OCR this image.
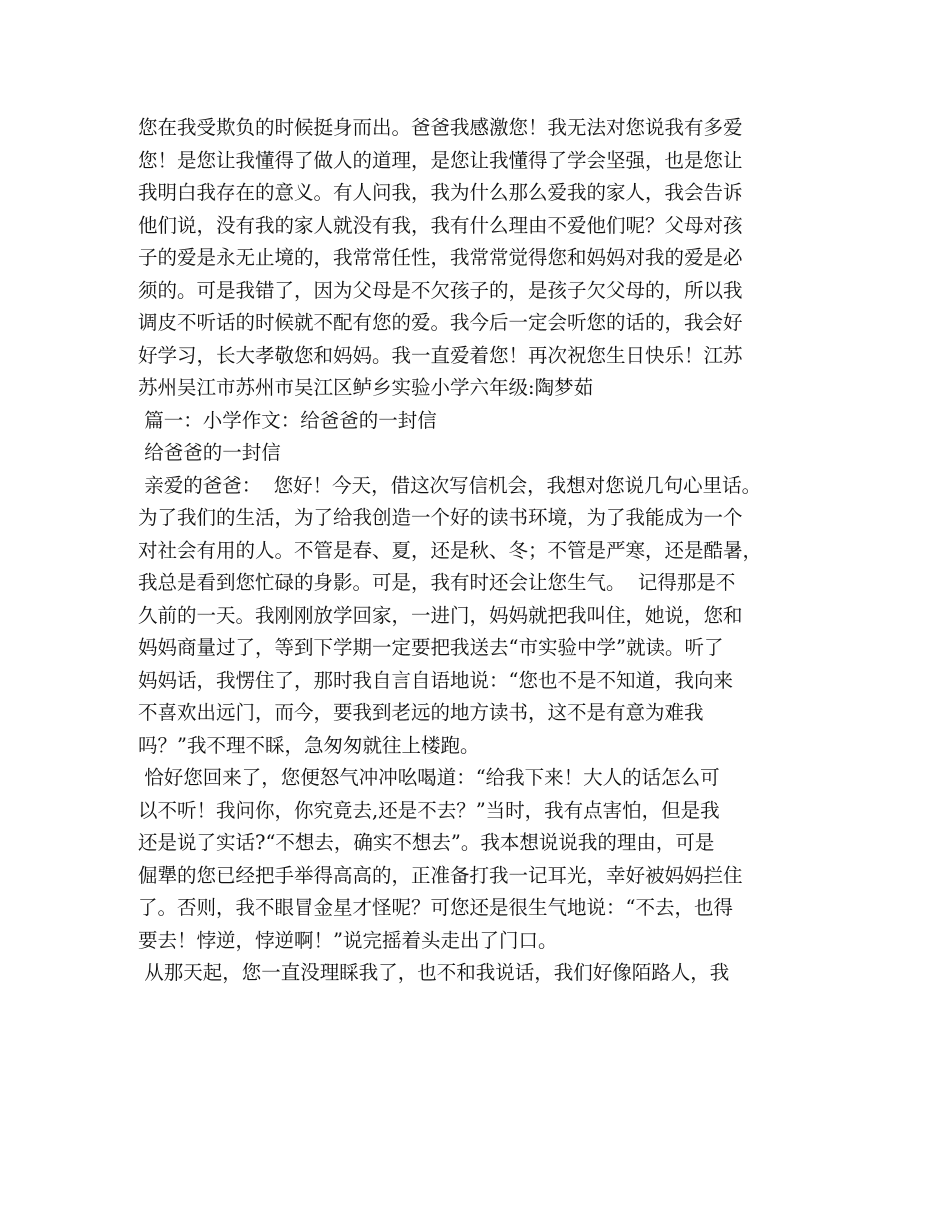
您在我受欺负的时候挺身而出。爸爸我感激您！我无法对您说我有多爱
您！是您让我懂得了做人的道理，是您让我懂得了学会坚强，也是您让
我明白我存在的意义。有人问我，我为什么那么爱我的家人，我会告诉
他们说，没有我的家人就没有我，我有什么理由不爱他们呢？父母对孩
子的爱是永无止境的，我常常任性，我常常觉得您和妈妈对我的爱是必
须的。可是我错了，因为父母是不欠孩子的，是孩子欠父母的，所以我
调皮不听话的时候就不配有您的爱。我今后一定会听您的话的，我会好
好学习，长大孝敬您和妈妈。我一直爱着您！再次祝您生日快乐！江苏
苏州吴江市苏州市吴江区鲈乡实验小学六年级:陶梦茹
篇一：小学作文：给爸爸的一封信
给爸爸的一封信
亲爱的爸爸：  您好！今天，借这次写信机会，我想对您说几句心里话。
为了我们的生活，为了给我创造一个好的读书环境，为了我能成为一个
对社会有用的人。不管是春、夏，还是秋、冬；不管是严寒，还是酷暑，
我总是看到您忙碌的身影。可是，我有时还会让您生气。  记得那是不
久前的一天。我刚刚放学回家，一进门，妈妈就把我叫住，她说，您和
妈妈商量过了，等到下学期一定要把我送去“市实验中学”就读。听了
妈妈话，我愣住了，那时我自言自语地说：“您也不是不知道，我向来
不喜欢出远门，而今，要我到老远的地方读书，这不是有意为难我
吗？”我不理不睬，急匆匆就往上楼跑。
恰好您回来了，您便怒气冲冲吆喝道：“给我下来！大人的话怎么可
以不听！我问你，你究竟去,还是不去？”当时，我有点害怕，但是我
还是说了实话?“不想去，确实不想去”。我本想说说我的理由，可是
倔犟的您已经把手举得高高的，正准备打我一记耳光，幸好被妈妈拦住
了。否则，我不眼冒金星才怪呢？可您还是很生气地说：“不去，也得
要去！悖逆，悖逆啊！”说完摇着头走出了门口。
从那天起，您一直没理睬我了，也不和我说话，我们好像陌路人，我
